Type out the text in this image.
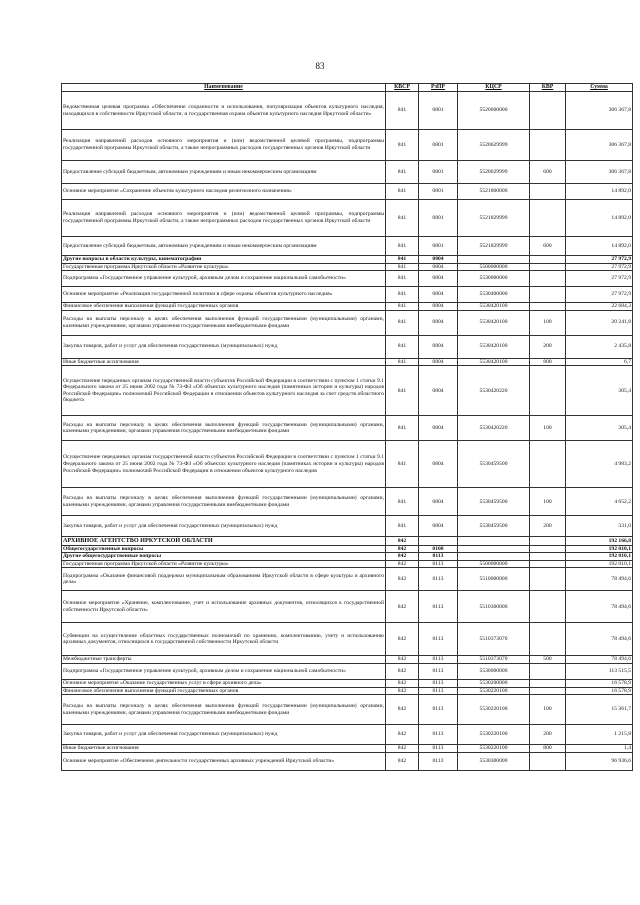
83
Наименование	КВСР	РзПР	КЦСР	КВР	Сумма
Ведомственная целевая программа «Обеспечение сохранности и использования, популяризация объектов культурного наследия, находящихся в собственности Иркутской области, и государственная охрана объектов культурного наследия Иркутской области»	841	0801	5520600000		306 367,8
Реализация направлений расходов основного мероприятия и (или) ведомственной целевой программы, подпрограммы государственной программы Иркутской области, а также непрограммных расходов государственных органов Иркутской области	841	0801	5520629999		306 367,8
Предоставление субсидий бюджетным, автономным учреждениям и иным некоммерческим организациям	841	0801	5520629999	600	306 367,8
Основное мероприятие «Сохранение объектов культурного наследия религиозного назначения»	841	0801	5521800000		14 892,0
Реализация направлений расходов основного мероприятия и (или) ведомственной целевой программы, подпрограммы государственной программы Иркутской области, а также непрограммных расходов государственных органов Иркутской области	841	0801	5521829999		14 892,0
Предоставление субсидий бюджетным, автономным учреждениям и иным некоммерческим организациям	841	0801	5521829999	600	14 892,0
Другие вопросы в области культуры, кинематографии	841	0804			27 972,9
Государственная программа Иркутской области «Развитие культуры»	841	0804	5500000000		27 972,9
Подпрограмма «Государственное управление культурой, архивным делом и сохранение национальной самобытности»	841	0804	5530000000		27 972,9
Основное мероприятие «Реализация государственной политики в сфере охраны объектов культурного наследия»	841	0804	5530400000		27 972,9
Финансовое обеспечение выполнения функций государственных органов	841	0804	5530420100		22 684,3
Расходы на выплаты персоналу в целях обеспечения выполнения функций государственными (муниципальными) органами, казенными учреждениями, органами управления государственными внебюджетными фондами	841	0804	5530420100	100	20 241,8
Закупка товаров, работ и услуг для обеспечения государственных (муниципальных) нужд	841	0804	5530420100	200	2 435,8
Иные бюджетные ассигнования	841	0804	5530420100	800	6,7
Осуществление переданных органам государственной власти субъектов Российской Федерации в соответствии с пунктом 1 статьи 9.1 Федерального закона от 25 июня 2002 года № 73-ФЗ «Об объектах культурного наследия (памятниках истории и культуры) народов Российской Федерации» полномочий Российской Федерации в отношении объектов культурного наследия за счет средств областного бюджета	841	0804	5530420220		305,4
Расходы на выплаты персоналу в целях обеспечения выполнения функций государственными (муниципальными) органами, казенными учреждениями, органами управления государственными внебюджетными фондами	841	0804	5530420220	100	305,4
Осуществление переданных органам государственной власти субъектов Российской Федерации в соответствии с пунктом 1 статьи 9.1 Федерального закона от 25 июня 2002 года № 73-ФЗ «Об объектах культурного наследия (памятниках истории и культуры) народов Российской Федерации» полномочий Российской Федерации в отношении объектов культурного наследия	841	0804	5530459500		4 983,2
Расходы на выплаты персоналу в целях обеспечения выполнения функций государственными (муниципальными) органами, казенными учреждениями, органами управления государственными внебюджетными фондами	841	0804	5530459500	100	4 652,2
Закупка товаров, работ и услуг для обеспечения государственных (муниципальных) нужд	841	0804	5530459500	200	331,0
АРХИВНОЕ АГЕНТСТВО ИРКУТСКОЙ ОБЛАСТИ	842				192 166,8
Общегосударственные вопросы	842	0100			192 010,1
Другие общегосударственные вопросы	842	0113			192 010,1
Государственная программа Иркутской области «Развитие культуры»	842	0113	5500000000		192 010,1
Подпрограмма «Оказание финансовой поддержки муниципальным образованиям Иркутской области в сфере культуры и архивного дела»	842	0113	5510000000		78 494,6
Основное мероприятие «Хранение, комплектование, учет и использование архивных документов, относящихся к государственной собственности Иркутской области»	842	0113	5510300000		78 494,6
Субвенции на осуществление областных государственных полномочий по хранению, комплектованию, учету и использованию архивных документов, относящихся к государственной собственности Иркутской области	842	0113	5510373070		78 494,6
Межбюджетные трансферты	842	0113	5510373070	500	78 494,6
Подпрограмма «Государственное управление культурой, архивным делом и сохранение национальной самобытности»	842	0113	5530000000		113 515,5
Основное мероприятие «Оказание государственных услуг в сфере архивного дела»	842	0113	5530200000		16 578,9
Финансовое обеспечение выполнения функций государственных органов	842	0113	5530220100		16 578,9
Расходы на выплаты персоналу в целях обеспечения выполнения функций государственными (муниципальными) органами, казенными учреждениями, органами управления государственными внебюджетными фондами	842	0113	5530220100	100	15 361,7
Закупка товаров, работ и услуг для обеспечения государственных (муниципальных) нужд	842	0113	5530220100	200	1 215,8
Иные бюджетные ассигнования	842	0113	5530220100	800	1,4
Основное мероприятие «Обеспечение деятельности государственных архивных учреждений Иркутской области»	842	0113	5530300000		96 936,6
